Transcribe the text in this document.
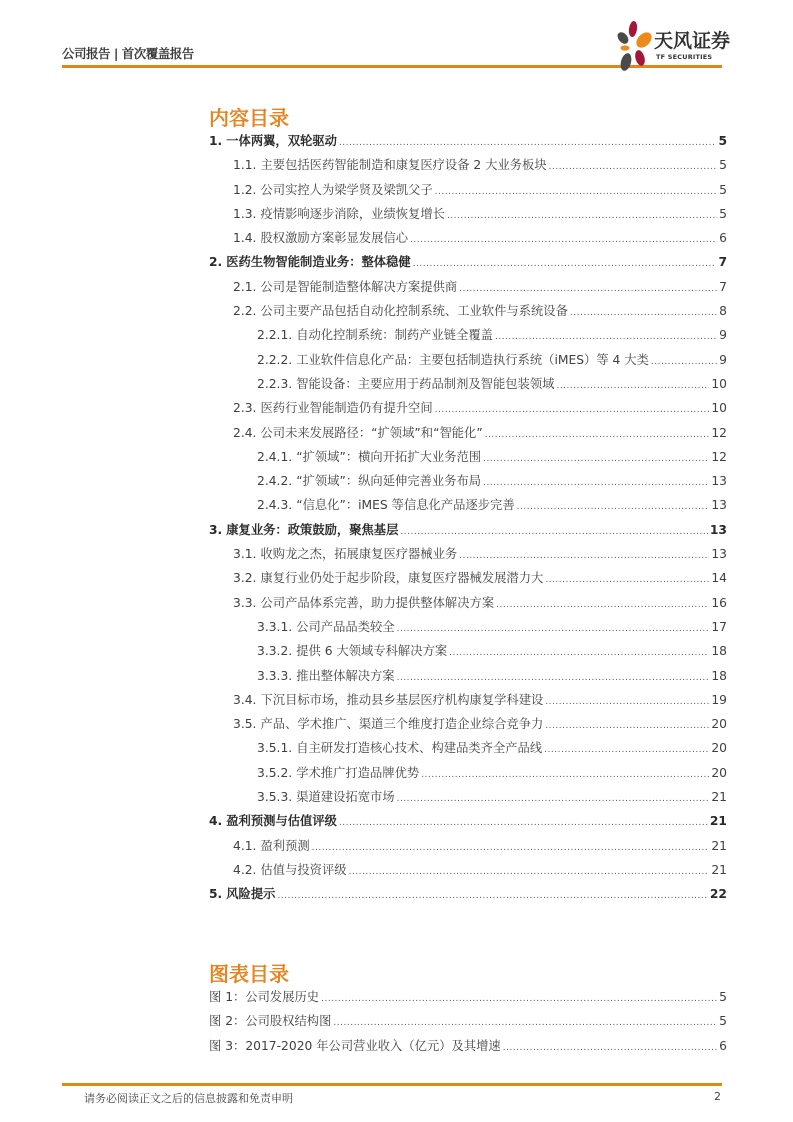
公司报告 | 首次覆盖报告
天风证券
TF SECURITIES
内容目录
1. 一体两翼，双轮驱动 .....	5
1.1. 主要包括医药智能制造和康复医疗设备 2 大业务板块 .....	5
1.2. 公司实控人为梁学贤及梁凯父子 .....	5
1.3. 疫情影响逐步消除，业绩恢复增长 .....	5
1.4. 股权激励方案彰显发展信心 .....	6
2. 医药生物智能制造业务：整体稳健 .....	7
2.1. 公司是智能制造整体解决方案提供商 .....	7
2.2. 公司主要产品包括自动化控制系统、工业软件与系统设备 .....	8
2.2.1. 自动化控制系统：制药产业链全覆盖 .....	9
2.2.2. 工业软件信息化产品：主要包括制造执行系统（iMES）等 4 大类 .....	9
2.2.3. 智能设备：主要应用于药品制剂及智能包装领域 .....	10
2.3. 医药行业智能制造仍有提升空间 .....	10
2.4. 公司未来发展路径：“扩领域”和“智能化” .....	12
2.4.1. “扩领域”：横向开拓扩大业务范围 .....	12
2.4.2. “扩领域”：纵向延伸完善业务布局 .....	13
2.4.3. “信息化”：iMES 等信息化产品逐步完善 .....	13
3. 康复业务：政策鼓励，聚焦基层 .....	13
3.1. 收购龙之杰，拓展康复医疗器械业务 .....	13
3.2. 康复行业仍处于起步阶段，康复医疗器械发展潜力大 .....	14
3.3. 公司产品体系完善，助力提供整体解决方案 .....	16
3.3.1. 公司产品品类较全 .....	17
3.3.2. 提供 6 大领域专科解决方案 .....	18
3.3.3. 推出整体解决方案 .....	18
3.4. 下沉目标市场，推动县乡基层医疗机构康复学科建设 .....	19
3.5. 产品、学术推广、渠道三个维度打造企业综合竞争力 .....	20
3.5.1. 自主研发打造核心技术、构建品类齐全产品线 .....	20
3.5.2. 学术推广打造品牌优势 .....	20
3.5.3. 渠道建设拓宽市场 .....	21
4. 盈利预测与估值评级 .....	21
4.1. 盈利预测 .....	21
4.2. 估值与投资评级 .....	21
5. 风险提示 .....	22
图表目录
图 1：公司发展历史 .....	5
图 2：公司股权结构图 .....	5
图 3：2017-2020 年公司营业收入（亿元）及其增速 .....	6
请务必阅读正文之后的信息披露和免责申明	2
